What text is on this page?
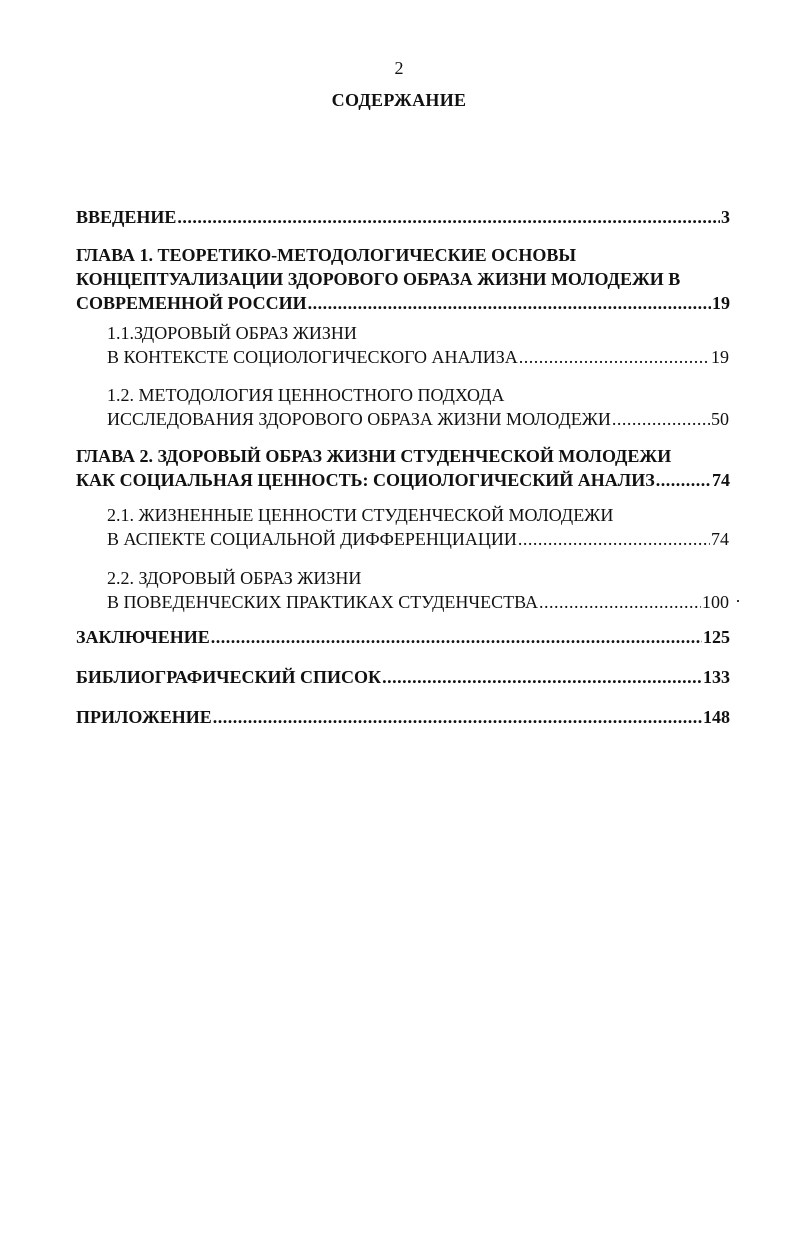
2
СОДЕРЖАНИЕ
ВВЕДЕНИЕ .....	3
ГЛАВА 1. ТЕОРЕТИКО-МЕТОДОЛОГИЧЕСКИЕ ОСНОВЫ
КОНЦЕПТУАЛИЗАЦИИ ЗДОРОВОГО ОБРАЗА ЖИЗНИ МОЛОДЕЖИ В
СОВРЕМЕННОЙ РОССИИ .....	19
1.1.ЗДОРОВЫЙ ОБРАЗ ЖИЗНИ
В КОНТЕКСТЕ СОЦИОЛОГИЧЕСКОГО АНАЛИЗА .....	19
1.2. МЕТОДОЛОГИЯ ЦЕННОСТНОГО ПОДХОДА
ИССЛЕДОВАНИЯ ЗДОРОВОГО ОБРАЗА ЖИЗНИ МОЛОДЕЖИ .....	50
ГЛАВА 2. ЗДОРОВЫЙ ОБРАЗ ЖИЗНИ СТУДЕНЧЕСКОЙ МОЛОДЕЖИ
КАК СОЦИАЛЬНАЯ ЦЕННОСТЬ: СОЦИОЛОГИЧЕСКИЙ АНАЛИЗ .....	74
2.1. ЖИЗНЕННЫЕ ЦЕННОСТИ СТУДЕНЧЕСКОЙ МОЛОДЕЖИ
В АСПЕКТЕ СОЦИАЛЬНОЙ ДИФФЕРЕНЦИАЦИИ .....	74
2.2. ЗДОРОВЫЙ ОБРАЗ ЖИЗНИ
В ПОВЕДЕНЧЕСКИХ ПРАКТИКАХ СТУДЕНЧЕСТВА .....	100
ЗАКЛЮЧЕНИЕ .....	125
БИБЛИОГРАФИЧЕСКИЙ СПИСОК .....	133
ПРИЛОЖЕНИЕ .....	148
